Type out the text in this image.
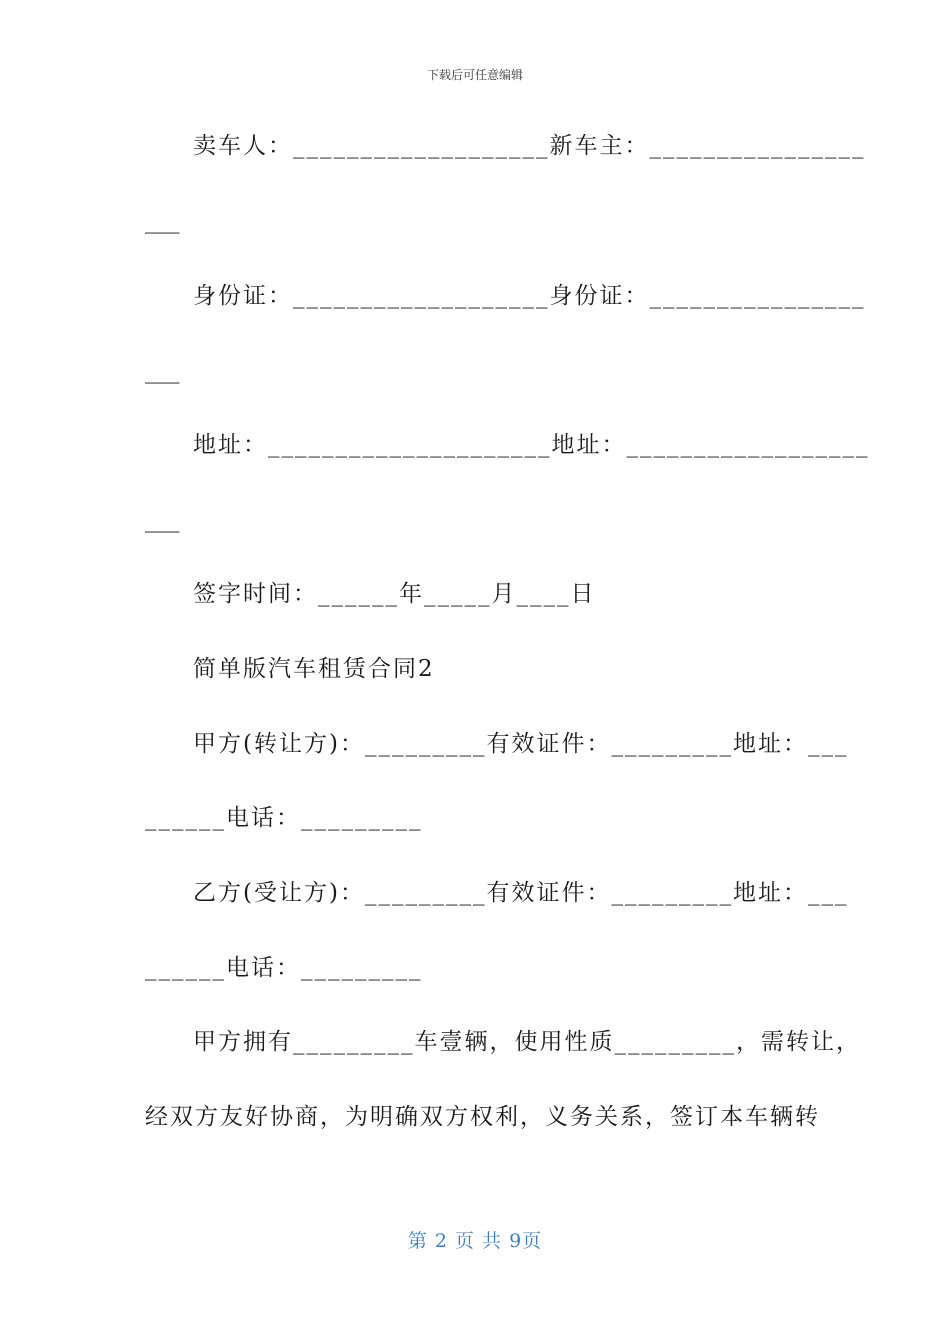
下载后可任意编辑
卖车人：___________________新车主：________________
___
身份证：___________________身份证：________________
___
地址：_____________________地址：__________________
___
签字时间：______年_____月____日
简单版汽车租赁合同2
甲方(转让方)：_________有效证件：_________地址：___
______电话：_________
乙方(受让方)：_________有效证件：_________地址：___
______电话：_________
甲方拥有_________车壹辆，使用性质_________，需转让，
经双方友好协商，为明确双方权利，义务关系，签订本车辆转
第 2 页 共 9页
